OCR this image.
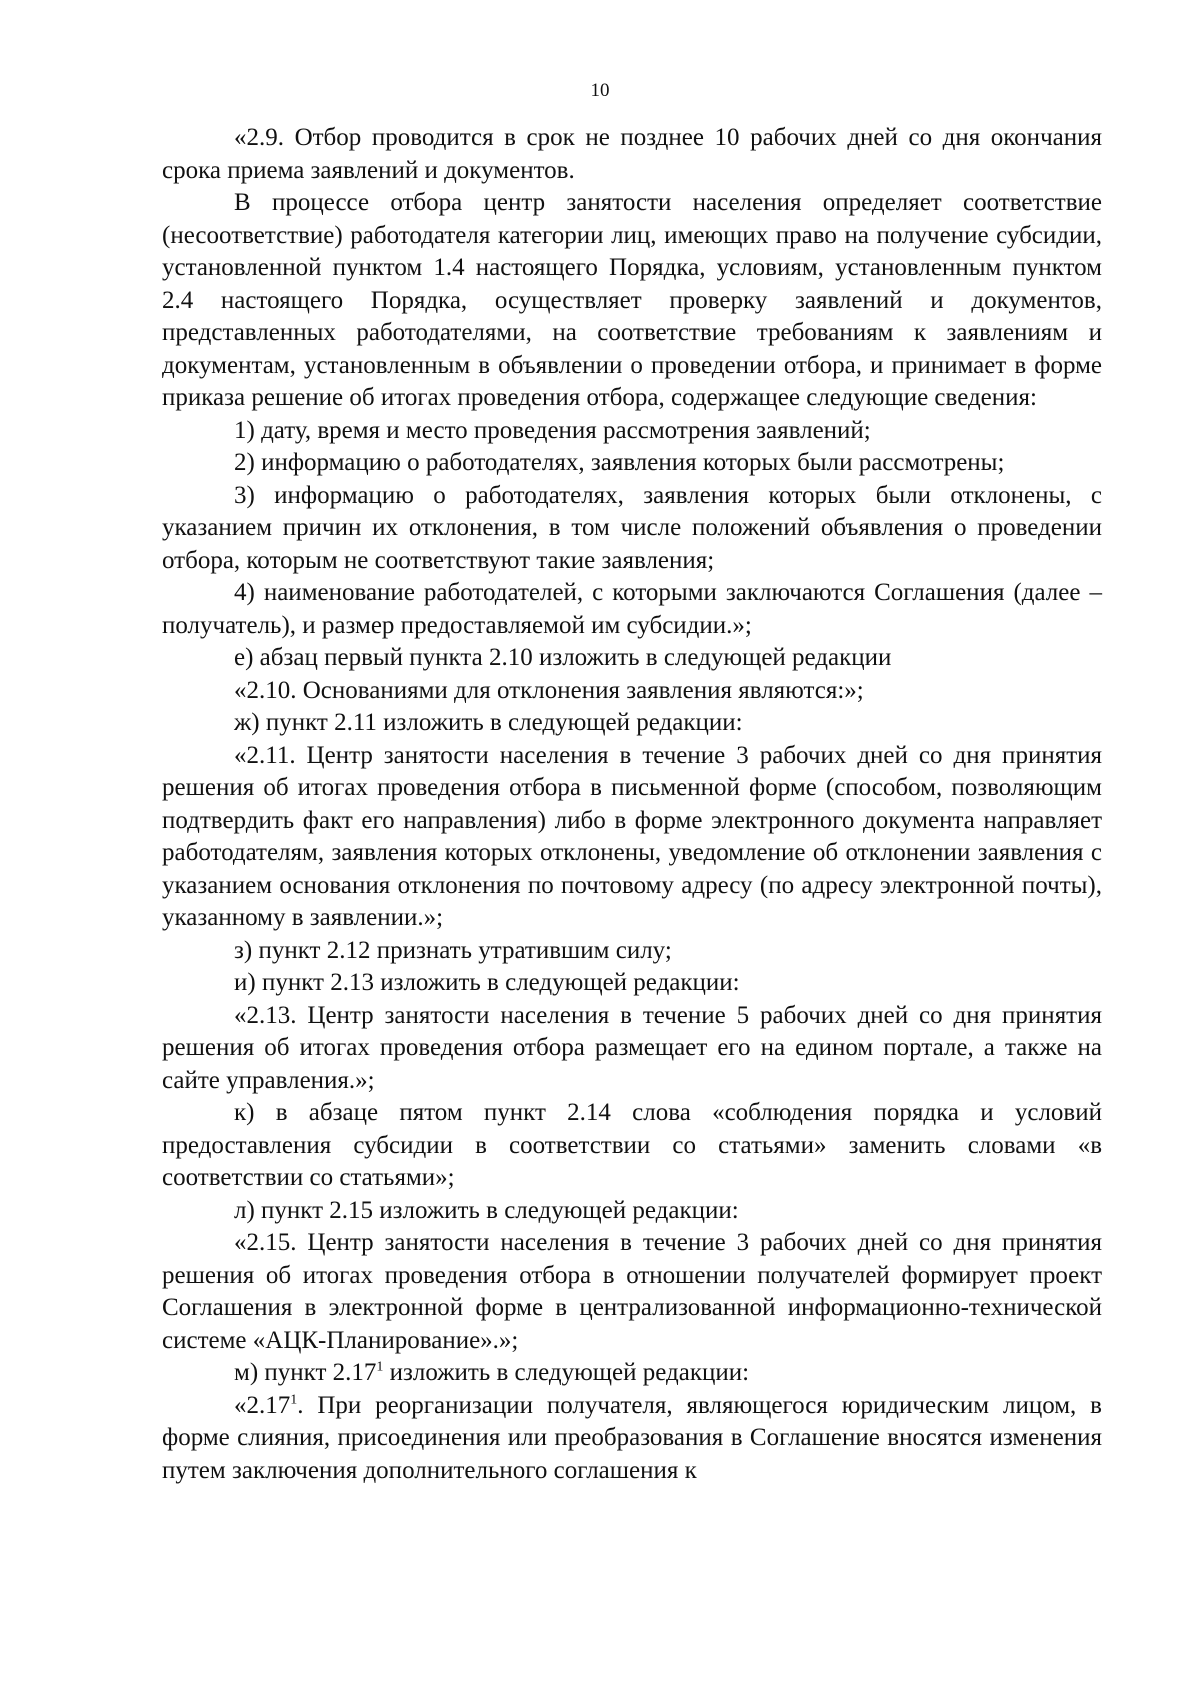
10

«2.9. Отбор проводится в срок не позднее 10 рабочих дней со дня окончания срока приема заявлений и документов.

В процессе отбора центр занятости населения определяет соответствие (несоответствие) работодателя категории лиц, имеющих право на получение субсидии, установленной пунктом 1.4 настоящего Порядка, условиям, установленным пунктом 2.4 настоящего Порядка, осуществляет проверку заявлений и документов, представленных работодателями, на соответствие требованиям к заявлениям и документам, установленным в объявлении о проведении отбора, и принимает в форме приказа решение об итогах проведения отбора, содержащее следующие сведения:

1) дату, время и место проведения рассмотрения заявлений;

2) информацию о работодателях, заявления которых были рассмотрены;

3) информацию о работодателях, заявления которых были отклонены, с указанием причин их отклонения, в том числе положений объявления о проведении отбора, которым не соответствуют такие заявления;

4) наименование работодателей, с которыми заключаются Соглашения (далее – получатель), и размер предоставляемой им субсидии.»;

е) абзац первый пункта 2.10 изложить в следующей редакции

«2.10. Основаниями для отклонения заявления являются:»;

ж) пункт 2.11 изложить в следующей редакции:

«2.11. Центр занятости населения в течение 3 рабочих дней со дня принятия решения об итогах проведения отбора в письменной форме (способом, позволяющим подтвердить факт его направления) либо в форме электронного документа направляет работодателям, заявления которых отклонены, уведомление об отклонении заявления с указанием основания отклонения по почтовому адресу (по адресу электронной почты), указанному в заявлении.»;

з) пункт 2.12 признать утратившим силу;

и) пункт 2.13 изложить в следующей редакции:

«2.13. Центр занятости населения в течение 5 рабочих дней со дня принятия решения об итогах проведения отбора размещает его на едином портале, а также на сайте управления.»;

к) в абзаце пятом пункт 2.14 слова «соблюдения порядка и условий предоставления субсидии в соответствии со статьями» заменить словами «в соответствии со статьями»;

л) пункт 2.15 изложить в следующей редакции:

«2.15. Центр занятости населения в течение 3 рабочих дней со дня принятия решения об итогах проведения отбора в отношении получателей формирует проект Соглашения в электронной форме в централизованной информационно-технической системе «АЦК-Планирование».»;

м) пункт 2.17$^1$ изложить в следующей редакции:

«2.17$^1$. При реорганизации получателя, являющегося юридическим лицом, в форме слияния, присоединения или преобразования в Соглашение вносятся изменения путем заключения дополнительного соглашения к
